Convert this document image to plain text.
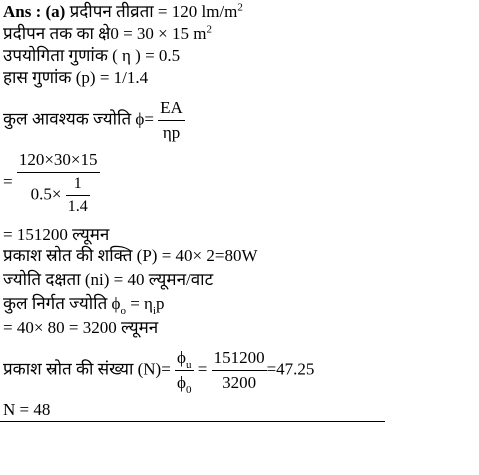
Ans : (a) प्रदीपन तीव्रता = 120 $lm/m^2$
प्रदीपन तक का क्षे0 = 30 × 15 $m^2$
उपयोगिता गुणांक ( η ) = 0.5
हास गुणांक (p) = 1/1.4
कुल आवश्यक ज्योति $\phi= \frac{EA}{\eta p}$
= $\frac{120\times 30\times 15}{0.5\times \frac{1}{1.4}}$
= 151200 ल्यूमन
प्रकाश स्रोत की शक्ति (P) = 40× 2=80W
ज्योति दक्षता (ni) = 40 ल्यूमन/वाट
कुल निर्गत ज्योति $\phi_o = \eta_ip$
= 40× 80 = 3200 ल्यूमन
प्रकाश स्रोत की संख्या $(N)= \frac{\phi_u}{\phi_0} = \frac{151200}{3200} =47.25$
N = 48
